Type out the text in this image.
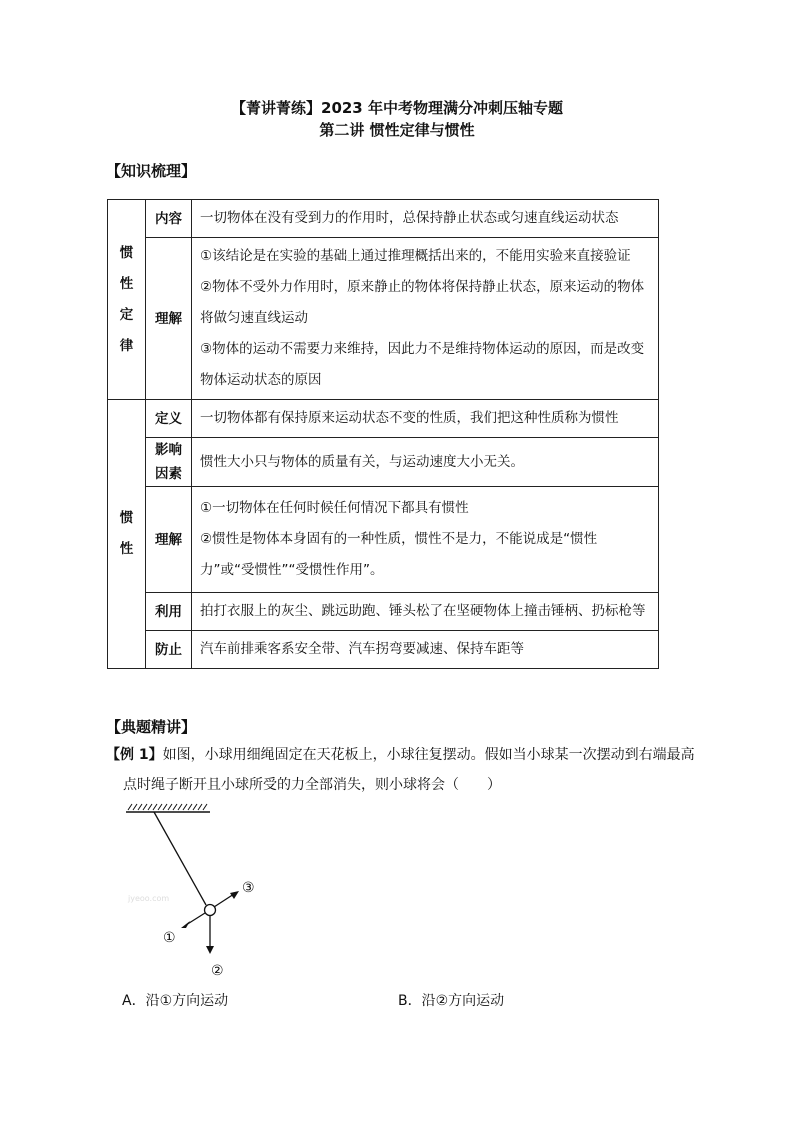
【菁讲菁练】2023 年中考物理满分冲刺压轴专题
第二讲 惯性定律与惯性
【知识梳理】
惯
性
定
律	内容	一切物体在没有受到力的作用时，总保持静止状态或匀速直线运动状态
	理解	①该结论是在实验的基础上通过推理概括出来的，不能用实验来直接验证
②物体不受外力作用时，原来静止的物体将保持静止状态，原来运动的物体将做匀速直线运动
③物体的运动不需要力来维持，因此力不是维持物体运动的原因，而是改变物体运动状态的原因

惯
性	定义	一切物体都有保持原来运动状态不变的性质，我们把这种性质称为惯性

	影响
因素	惯性大小只与物体的质量有关，与运动速度大小无关。
	理解	①一切物体在任何时候任何情况下都具有惯性
②惯性是物体本身固有的一种性质，惯性不是力，不能说成是“惯性力”或“受惯性”“受惯性作用”。

	利用	拍打衣服上的灰尘、跳远助跑、锤头松了在坚硬物体上撞击锤柄、扔标枪等
	防止	汽车前排乘客系安全带、汽车拐弯要减速、保持车距等
【典题精讲】
【例 1】如图，小球用细绳固定在天花板上，小球往复摆动。假如当小球某一次摆动到右端最高
点时绳子断开且小球所受的力全部消失，则小球将会（　　）
③
①
②
jyeoo.com
A．沿①方向运动	B．沿②方向运动
